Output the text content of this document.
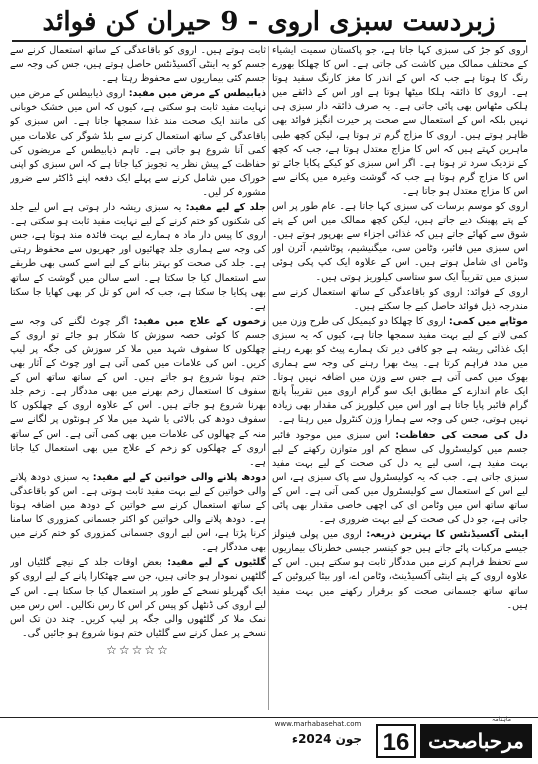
زبردست سبزی اروی - 9 حیران کن فوائد

اروی کو جڑ کی سبزی کہا جاتا ہے، جو پاکستان سمیت ایشیاء کے مختلف ممالک میں کاشت کی جاتی ہے۔ اس کا چھلکا بھورے رنگ کا ہوتا ہے جب کہ اس کے اندر کا مغز کارنگ سفید ہوتا ہے۔ اروی کا ذائقہ ہلکا میٹھا ہوتا ہے اور اس کے ذائقے میں ہلکی مٹھاس بھی پائی جاتی ہے۔ یہ صرف ذائقہ دار سبزی ہی نہیں بلکہ اس کے استعمال سے صحت پر حیرت انگیز فوائد بھی ظاہر ہوتے ہیں۔ اروی کا مزاج گرم تر ہوتا ہے، لیکن کچھ طبی ماہرین کہتے ہیں کہ اس کا مزاج معتدل ہوتا ہے، جب کہ کچھ کے نزدیک سرد تر ہوتا ہے۔ اگر اس سبزی کو کیکے پکایا جائے تو اس کا مزاج گرم ہوتا ہے جب کہ گوشت وغیرہ میں پکانے سے اس کا مزاج معتدل ہو جاتا ہے۔

اروی کو موسم برسات کی سبزی کہا جاتا ہے۔ عام طور پر اس کے پتے پھینک دیے جاتے ہیں، لیکن کچھ ممالک میں اس کے پتے شوق سے کھائے جاتے ہیں کہ غذائی اجزاء سے بھرپور ہوتے ہیں۔ اس سبزی میں فائبر، وٹامن سی، میگنیشیم، پوٹاشیم، آئرن اور وٹامن ای شامل ہوتے ہیں۔ اس کے علاوہ ایک کپ پکی ہوئی سبزی میں تقریباً ایک سو ستاسی کیلوریز ہوتی ہیں۔

اروی کے فوائد: اروی کو باقاعدگی کے ساتھ استعمال کرنے سے مندرجہ ذیل فوائد حاصل کیے جا سکتے ہیں۔

موٹاپے میں کمی: اروی کا چھلکا دو کیمیکل کی طرح وزن میں کمی لانے کے لیے بہت مفید سمجھا جاتا ہے، کیوں کہ یہ سبزی ایک غذائی ریشہ ہے جو کافی دیر تک ہمارے پیٹ کو بھرے رہنے میں مدد فراہم کرتا ہے۔ پیٹ بھرا رہنے کی وجہ سے ہماری بھوک میں کمی آتی ہے جس سے وزن میں اضافہ نہیں ہوتا۔ ایک عام اندازے کے مطابق ایک سو گرام اروی میں تقریباً پانچ گرام فائبر پایا جاتا ہے اور اس میں کیلوریز کی مقدار بھی زیادہ نہیں ہوتی، جس کی وجہ سے ہمارا وزن کنٹرول میں رہتا ہے۔

دل کی صحت کی حفاظت: اس سبزی میں موجود فائبر جسم میں کولیسٹرول کی سطح کم اور متوازن رکھنے کے لیے بہت مفید ہے، اسی لیے یہ دل کی صحت کے لیے بہت مفید سبزی جاتی ہے۔ جب کہ یہ کولیسٹرول سے پاک سبزی ہے، اس لیے اس کے استعمال سے کولیسٹرول میں کمی آتی ہے۔ اس کے ساتھ ساتھ اس میں وٹامن ای کی اچھی خاصی مقدار بھی پائی جاتی ہے، جو دل کی صحت کے لیے بہت ضروری ہے۔

اینٹی آکسیڈنٹس کا بہترین ذریعہ: اروی میں پولی فینولز جیسے مرکبات پائے جاتے ہیں جو کینسر جیسی خطرناک بیماریوں سے تحفظ فراہم کرنے میں مددگار ثابت ہو سکتے ہیں۔ اس کے علاوہ اروی کے پتے اینٹی آکسیڈینٹ، وٹامن اے، اور بیٹا کیروٹین کے ساتھ ساتھ جسمانی صحت کو برقرار رکھنے میں بہت مفید ہیں۔

ثابت ہوتے ہیں۔ اروی کو باقاعدگی کے ساتھ استعمال کرنے سے جسم کو یہ اینٹی آکسیڈنٹس حاصل ہوتے ہیں، جس کی وجہ سے جسم کئی بیماریوں سے محفوظ رہتا ہے۔

ذیابیطس کے مرض میں مفید: اروی ذیابیطس کے مرض میں نہایت مفید ثابت ہو سکتی ہے، کیوں کہ اس میں خشک خوبانی کی مانند ایک صحت مند غذا سمجھا جاتا ہے۔ اس سبزی کو باقاعدگی کے ساتھ استعمال کرنے سے بلڈ شوگر کی علامات میں کمی آنا شروع ہو جاتی ہے۔ تاہم ذیابیطس کے مریضوں کی حفاظت کے پیش نظر یہ تجویز کیا جاتا ہے کہ اس سبزی کو اپنی خوراک میں شامل کرنے سے پہلے ایک دفعہ اپنے ڈاکٹر سے ضرور مشورہ کر لیں۔

جلد کے لیے مفید: یہ سبزی ریشہ دار ہوتی ہے اس لیے جلد کی شکنوں کو ختم کرنے کے لیے نہایت مفید ثابت ہو سکتی ہے۔ اروی کا پیس دار ماد ہ ہمارے لیے بہت فائدہ مند ہوتا ہے، جس کی وجہ سے ہماری جلد چھائیوں اور جھریوں سے محفوظ رہتی ہے۔ جلد کی صحت کو بہتر بنانے کے لیے اسے کسی بھی طریقے سے استعمال کیا جا سکتا ہے۔ اسے سالن میں گوشت کے ساتھ بھی پکایا جا سکتا ہے، جب کہ اس کو تل کر بھی کھایا جا سکتا ہے۔

زخموں کے علاج میں مفید: اگر چوٹ لگنے کی وجہ سے جسم کا کوئی حصہ سوزش کا شکار ہو جائے تو اروی کے چھلکوں کا سفوف شہد میں ملا کر سوزش کی جگہ پر لیپ کریں۔ اس کی علامات میں کمی آتی ہے اور چوٹ کے آثار بھی ختم ہونا شروع ہو جاتے ہیں۔ اس کے ساتھ ساتھ اس کے سفوف کا استعمال زخم بھرنے میں بھی مددگار ہے۔ زخم جلد بھرنا شروع ہو جاتے ہیں۔ اس کے علاوہ اروی کے چھلکوں کا سفوف دودھ کی بالائی یا شہد میں ملا کر ہونٹوں پر لگانے سے منہ کے چھالوں کی علامات میں بھی کمی آتی ہے۔ اس کے ساتھ اروی کے چھلکوں کو زخم کے علاج میں بھی استعمال کیا جاتا ہے۔

دودھ پلانے والی خواتین کے لیے مفید: یہ سبزی دودھ پلانے والی خواتین کے لیے بہت مفید ثابت ہوتی ہے۔ اس کو باقاعدگی کے ساتھ استعمال کرنے سے خواتین کے دودھ میں اضافہ ہوتا ہے۔ دودھ پلانے والی خواتین کو اکثر جسمانی کمزوری کا سامنا کرنا پڑتا ہے، اس لیے اروی جسمانی کمزوری کو ختم کرنے میں بھی مددگار ہے۔

گلٹیوں کے لیے مفید: بعض اوقات جلد کے نیچے گلٹیاں اور گلٹھیں نمودار ہو جاتی ہیں، جن سے چھٹکارا پانے کے لیے اروی کو ایک گھریلو نسخے کے طور پر استعمال کیا جا سکتا ہے۔ اس کے لیے اروی کی ڈنٹھل کو پیس کر اس کا رس نکالیں۔ اس رس میں نمک ملا کر گلٹھوں والی جگہ پر لیپ کریں۔ چند دن تک اس نسخے پر عمل کرنے سے گلٹیاں ختم ہونا شروع ہو جائیں گی۔

☆☆☆☆☆
www.marhabasehat.com
جون 2024ء 16 مرحباصحت
ماہنامہ
